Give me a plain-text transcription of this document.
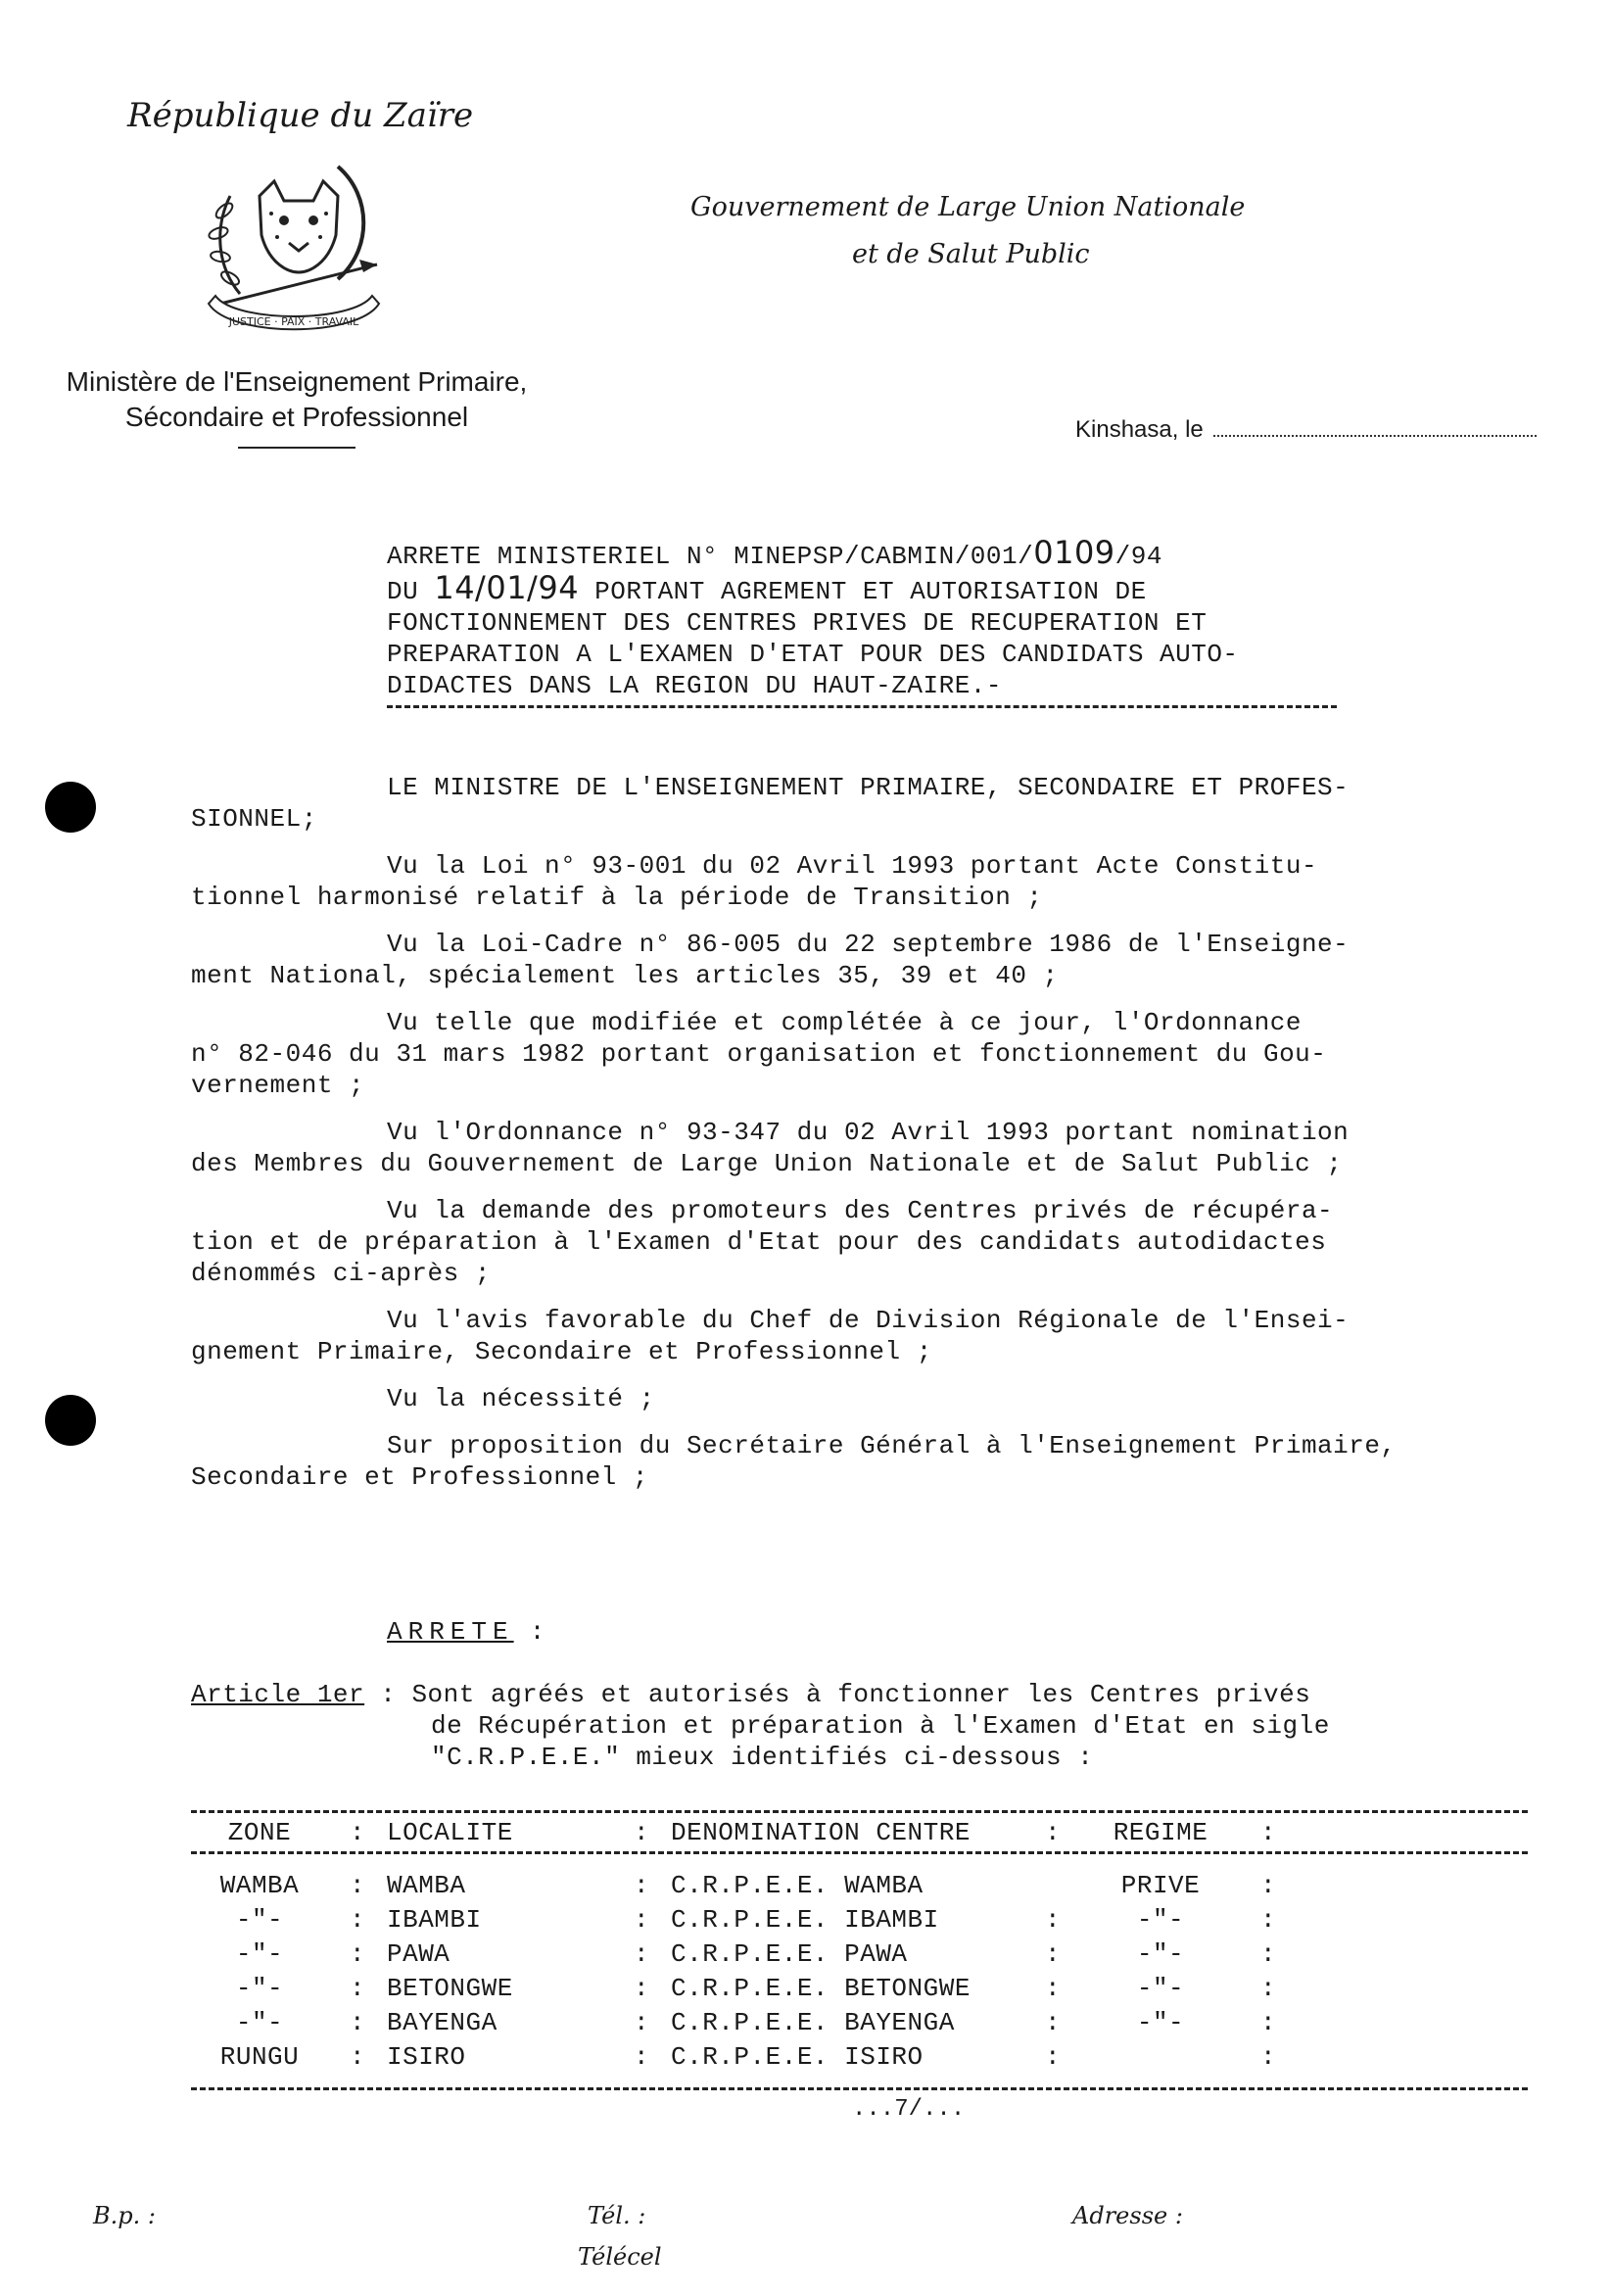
République du Zaïre
JUSTICE · PAIX · TRAVAIL
Ministère de l'Enseignement Primaire,
Sécondaire et Professionnel
Gouvernement de Large Union Nationale
et de Salut Public
Kinshasa, le
ARRETE MINISTERIEL N° MINEPSP/CABMIN/001/0109/94
DU 14/01/94 PORTANT AGREMENT ET AUTORISATION DE
FONCTIONNEMENT DES CENTRES PRIVES DE RECUPERATION ET
PREPARATION A L'EXAMEN D'ETAT POUR DES CANDIDATS AUTO-
DIDACTES DANS LA REGION DU HAUT-ZAIRE.-
LE MINISTRE DE L'ENSEIGNEMENT PRIMAIRE, SECONDAIRE ET PROFES-
SIONNEL;
Vu la Loi n° 93-001 du 02 Avril 1993 portant Acte Constitu-
tionnel harmonisé relatif à la période de Transition ;
Vu la Loi-Cadre n° 86-005 du 22 septembre 1986 de l'Enseigne-
ment National, spécialement les articles 35, 39 et 40 ;
Vu telle que modifiée et complétée à ce jour, l'Ordonnance
n° 82-046 du 31 mars 1982 portant organisation et fonctionnement du Gou-
vernement ;
Vu l'Ordonnance n° 93-347 du 02 Avril 1993 portant nomination
des Membres du Gouvernement de Large Union Nationale et de Salut Public ;
Vu la demande des promoteurs des Centres privés de récupéra-
tion et de préparation à l'Examen d'Etat pour des candidats autodidactes
dénommés ci-après ;
Vu l'avis favorable du Chef de Division Régionale de l'Ensei-
gnement Primaire, Secondaire et Professionnel ;
Vu la nécessité ;
Sur proposition du Secrétaire Général à l'Enseignement Primaire,
Secondaire et Professionnel ;
ARRETE :
Article 1er : Sont agréés et autorisés à fonctionner les Centres privés
de Récupération et préparation à l'Examen d'Etat en sigle
"C.R.P.E.E." mieux identifiés ci-dessous :
ZONE	: LOCALITE	: DENOMINATION CENTRE	:	REGIME	:
WAMBA	: WAMBA	: C.R.P.E.E. WAMBA	PRIVE	:
-"-	: IBAMBI	: C.R.P.E.E. IBAMBI	:	-"-	:
-"-	: PAWA	: C.R.P.E.E. PAWA	:	-"-	:
-"-	: BETONGWE	: C.R.P.E.E. BETONGWE	:	-"-	:
-"-	: BAYENGA	: C.R.P.E.E. BAYENGA	:	-"-	:
RUNGU	: ISIRO	: C.R.P.E.E. ISIRO	:	:
...7/...
B.p. :	Tél. :
Télécel
Adresse :
